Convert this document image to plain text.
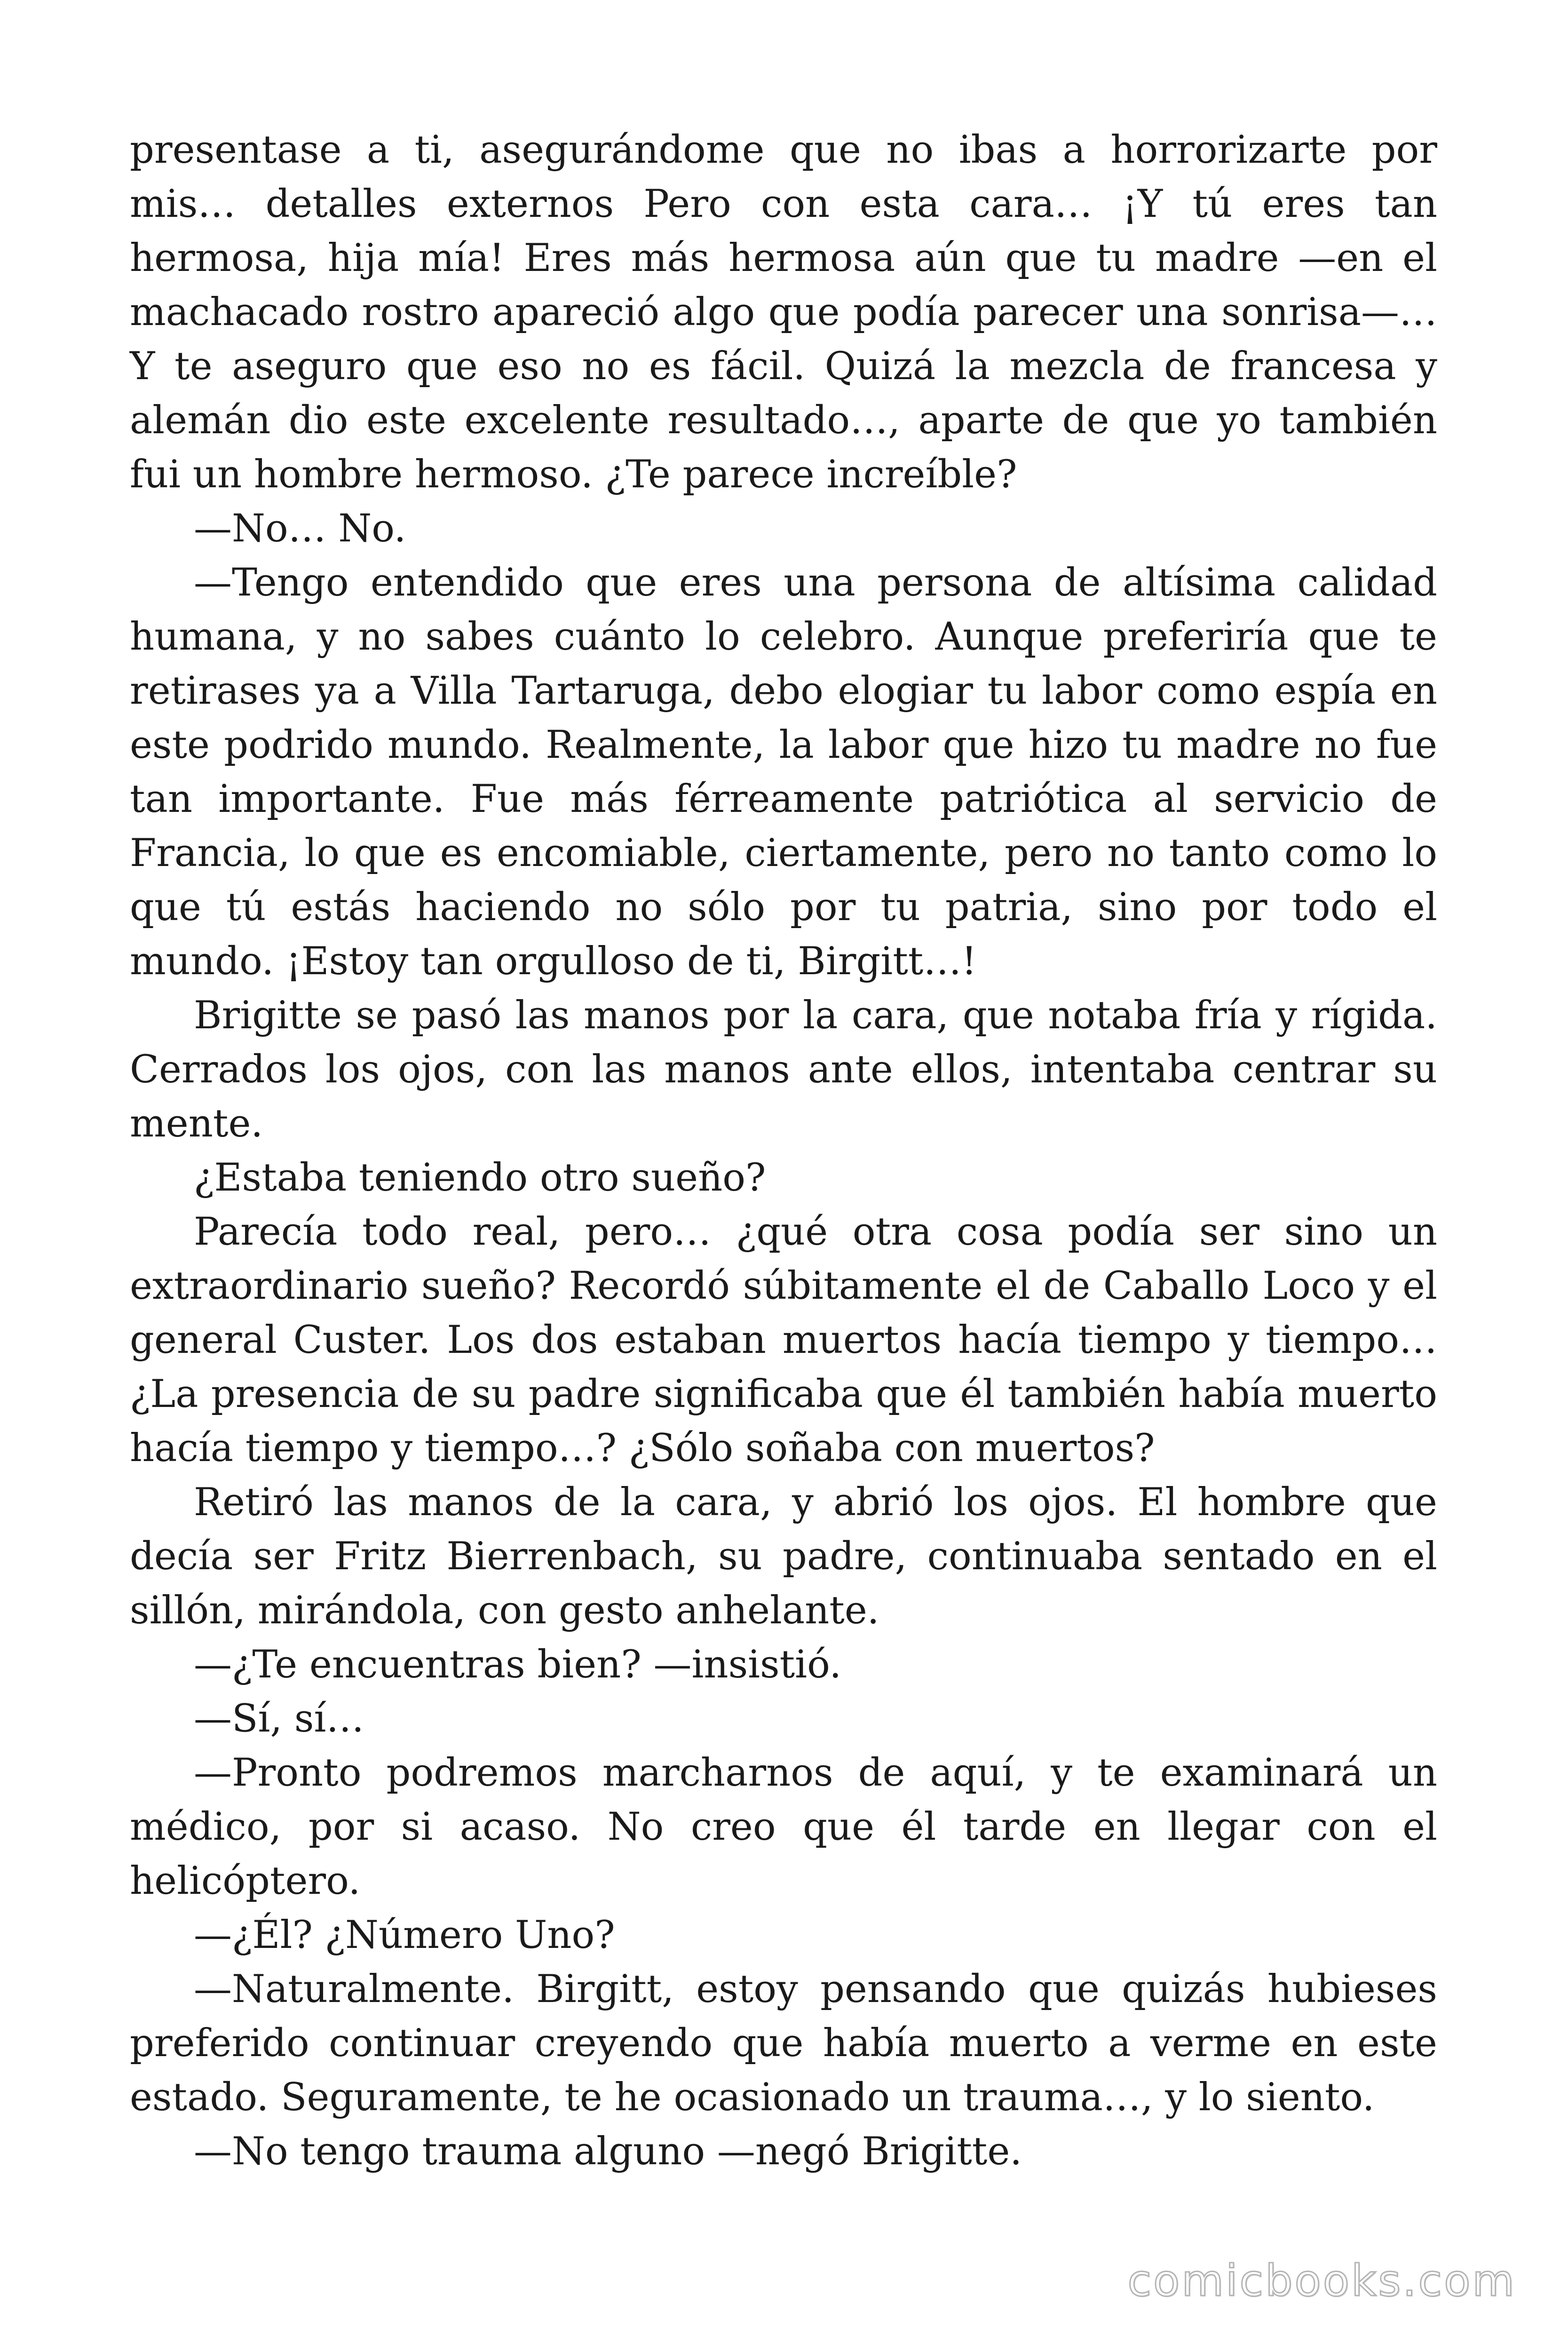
presentase a ti, asegurándome que no ibas a horrorizarte por mis… detalles externos Pero con esta cara… ¡Y tú eres tan hermosa, hija mía! Eres más hermosa aún que tu madre —en el machacado rostro apareció algo que podía parecer una sonrisa—… Y te aseguro que eso no es fácil. Quizá la mezcla de francesa y alemán dio este excelente resultado…, aparte de que yo también fui un hombre hermoso. ¿Te parece increíble?

—No… No.

—Tengo entendido que eres una persona de altísima calidad humana, y no sabes cuánto lo celebro. Aunque preferiría que te retirases ya a Villa Tartaruga, debo elogiar tu labor como espía en este podrido mundo. Realmente, la labor que hizo tu madre no fue tan importante. Fue más férreamente patriótica al servicio de Francia, lo que es encomiable, ciertamente, pero no tanto como lo que tú estás haciendo no sólo por tu patria, sino por todo el mundo. ¡Estoy tan orgulloso de ti, Birgitt…!

Brigitte se pasó las manos por la cara, que notaba fría y rígida. Cerrados los ojos, con las manos ante ellos, intentaba centrar su mente.

¿Estaba teniendo otro sueño?

Parecía todo real, pero… ¿qué otra cosa podía ser sino un extraordinario sueño? Recordó súbitamente el de Caballo Loco y el general Custer. Los dos estaban muertos hacía tiempo y tiempo… ¿La presencia de su padre significaba que él también había muerto hacía tiempo y tiempo…? ¿Sólo soñaba con muertos?

Retiró las manos de la cara, y abrió los ojos. El hombre que decía ser Fritz Bierrenbach, su padre, continuaba sentado en el sillón, mirándola, con gesto anhelante.

—¿Te encuentras bien? —insistió.

—Sí, sí…

—Pronto podremos marcharnos de aquí, y te examinará un médico, por si acaso. No creo que él tarde en llegar con el helicóptero.

—¿Él? ¿Número Uno?

—Naturalmente. Birgitt, estoy pensando que quizás hubieses preferido continuar creyendo que había muerto a verme en este estado. Seguramente, te he ocasionado un trauma…, y lo siento.

—No tengo trauma alguno —negó Brigitte.

comicbooks.com
